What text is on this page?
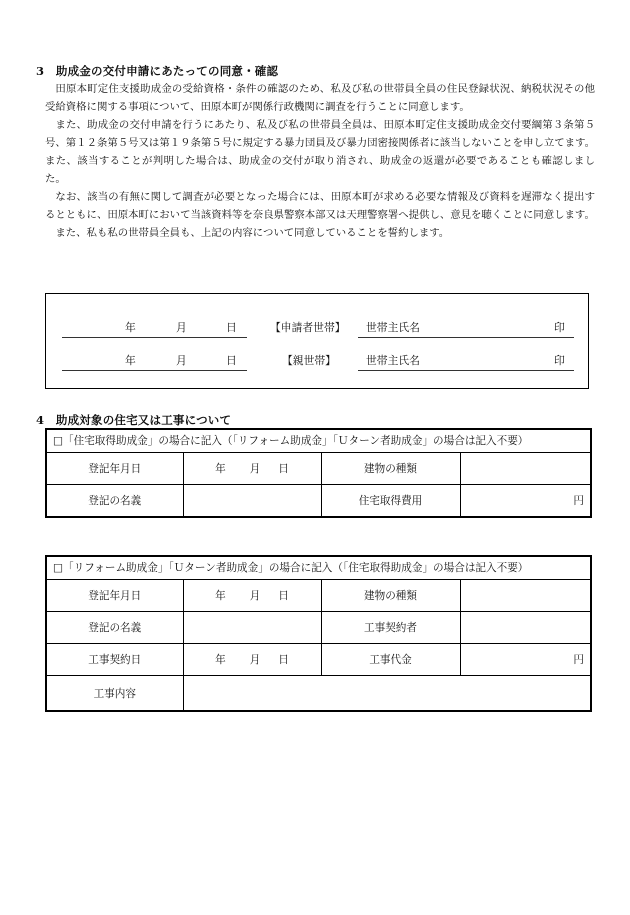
3　助成金の交付申請にあたっての同意・確認

田原本町定住支援助成金の受給資格・条件の確認のため、私及び私の世帯員全員の住民登録状況、納税状況その他受給資格に関する事項について、田原本町が関係行政機関に調査を行うことに同意します。

また、助成金の交付申請を行うにあたり、私及び私の世帯員全員は、田原本町定住支援助成金交付要綱第３条第５号、第１２条第５号又は第１９条第５号に規定する暴力団員及び暴力団密接関係者に該当しないことを申し立てます。また、該当することが判明した場合は、助成金の交付が取り消され、助成金の返還が必要であることも確認しました。

なお、該当の有無に関して調査が必要となった場合には、田原本町が求める必要な情報及び資料を遅滞なく提出するとともに、田原本町において当該資料等を奈良県警察本部又は天理警察署へ提供し、意見を聴くことに同意します。

また、私も私の世帯員全員も、上記の内容について同意していることを誓約します。

年	月	日	【申請者世帯】 世帯主氏名	印
年	月	日	【親世帯】	世帯主氏名	印
4　助成対象の住宅又は工事について
□「住宅取得助成金」の場合に記入（「リフォーム助成金」「Ｕターン者助成金」の場合は記入不要）			
登記年月日	年 月 日	建物の種類	
登記の名義		住宅取得費用	円
□「リフォーム助成金」「Ｕターン者助成金」の場合に記入（「住宅取得助成金」の場合は記入不要）			
登記年月日	年 月 日	建物の種類	
登記の名義		工事契約者	
工事契約日	年 月 日	工事代金	円
工事内容			
